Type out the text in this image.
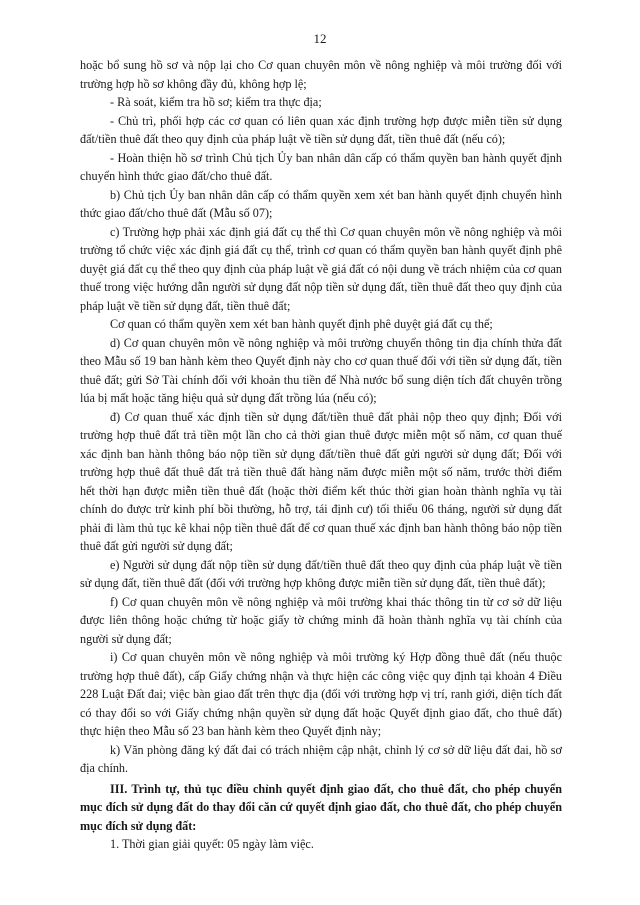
12

hoặc bổ sung hồ sơ và nộp lại cho Cơ quan chuyên môn về nông nghiệp và môi trường đối với trường hợp hồ sơ không đầy đủ, không hợp lệ;

- Rà soát, kiểm tra hồ sơ; kiểm tra thực địa;

- Chủ trì, phối hợp các cơ quan có liên quan xác định trường hợp được miễn tiền sử dụng đất/tiền thuê đất theo quy định của pháp luật về tiền sử dụng đất, tiền thuê đất (nếu có);

- Hoàn thiện hồ sơ trình Chủ tịch Ủy ban nhân dân cấp có thẩm quyền ban hành quyết định chuyển hình thức giao đất/cho thuê đất.

b) Chủ tịch Ủy ban nhân dân cấp có thẩm quyền xem xét ban hành quyết định chuyển hình thức giao đất/cho thuê đất (Mẫu số 07);

c) Trường hợp phải xác định giá đất cụ thể thì Cơ quan chuyên môn về nông nghiệp và môi trường tổ chức việc xác định giá đất cụ thể, trình cơ quan có thẩm quyền ban hành quyết định phê duyệt giá đất cụ thể theo quy định của pháp luật về giá đất có nội dung về trách nhiệm của cơ quan thuế trong việc hướng dẫn người sử dụng đất nộp tiền sử dụng đất, tiền thuê đất theo quy định của pháp luật về tiền sử dụng đất, tiền thuê đất;

Cơ quan có thẩm quyền xem xét ban hành quyết định phê duyệt giá đất cụ thể;

d) Cơ quan chuyên môn về nông nghiệp và môi trường chuyển thông tin địa chính thửa đất theo Mẫu số 19 ban hành kèm theo Quyết định này cho cơ quan thuế đối với tiền sử dụng đất, tiền thuê đất; gửi Sở Tài chính đối với khoản thu tiền để Nhà nước bổ sung diện tích đất chuyên trồng lúa bị mất hoặc tăng hiệu quả sử dụng đất trồng lúa (nếu có);

đ) Cơ quan thuế xác định tiền sử dụng đất/tiền thuê đất phải nộp theo quy định; Đối với trường hợp thuê đất trả tiền một lần cho cả thời gian thuê được miễn một số năm, cơ quan thuế xác định ban hành thông báo nộp tiền sử dụng đất/tiền thuê đất gửi người sử dụng đất; Đối với trường hợp thuê đất thuê đất trả tiền thuê đất hàng năm được miễn một số năm, trước thời điểm hết thời hạn được miễn tiền thuê đất (hoặc thời điểm kết thúc thời gian hoàn thành nghĩa vụ tài chính do được trừ kinh phí bồi thường, hỗ trợ, tái định cư) tối thiểu 06 tháng, người sử dụng đất phải đi làm thủ tục kê khai nộp tiền thuê đất để cơ quan thuế xác định ban hành thông báo nộp tiền thuê đất gửi người sử dụng đất;

e) Người sử dụng đất nộp tiền sử dụng đất/tiền thuê đất theo quy định của pháp luật về tiền sử dụng đất, tiền thuê đất (đối với trường hợp không được miễn tiền sử dụng đất, tiền thuê đất);

f) Cơ quan chuyên môn về nông nghiệp và môi trường khai thác thông tin từ cơ sở dữ liệu được liên thông hoặc chứng từ hoặc giấy tờ chứng minh đã hoàn thành nghĩa vụ tài chính của người sử dụng đất;

i) Cơ quan chuyên môn về nông nghiệp và môi trường ký Hợp đồng thuê đất (nếu thuộc trường hợp thuê đất), cấp Giấy chứng nhận và thực hiện các công việc quy định tại khoản 4 Điều 228 Luật Đất đai; việc bàn giao đất trên thực địa (đối với trường hợp vị trí, ranh giới, diện tích đất có thay đổi so với Giấy chứng nhận quyền sử dụng đất hoặc Quyết định giao đất, cho thuê đất) thực hiện theo Mẫu số 23 ban hành kèm theo Quyết định này;

k) Văn phòng đăng ký đất đai có trách nhiệm cập nhật, chỉnh lý cơ sở dữ liệu đất đai, hồ sơ địa chính.

III. Trình tự, thủ tục điều chỉnh quyết định giao đất, cho thuê đất, cho phép chuyển mục đích sử dụng đất do thay đổi căn cứ quyết định giao đất, cho thuê đất, cho phép chuyển mục đích sử dụng đất:

1. Thời gian giải quyết: 05 ngày làm việc.
